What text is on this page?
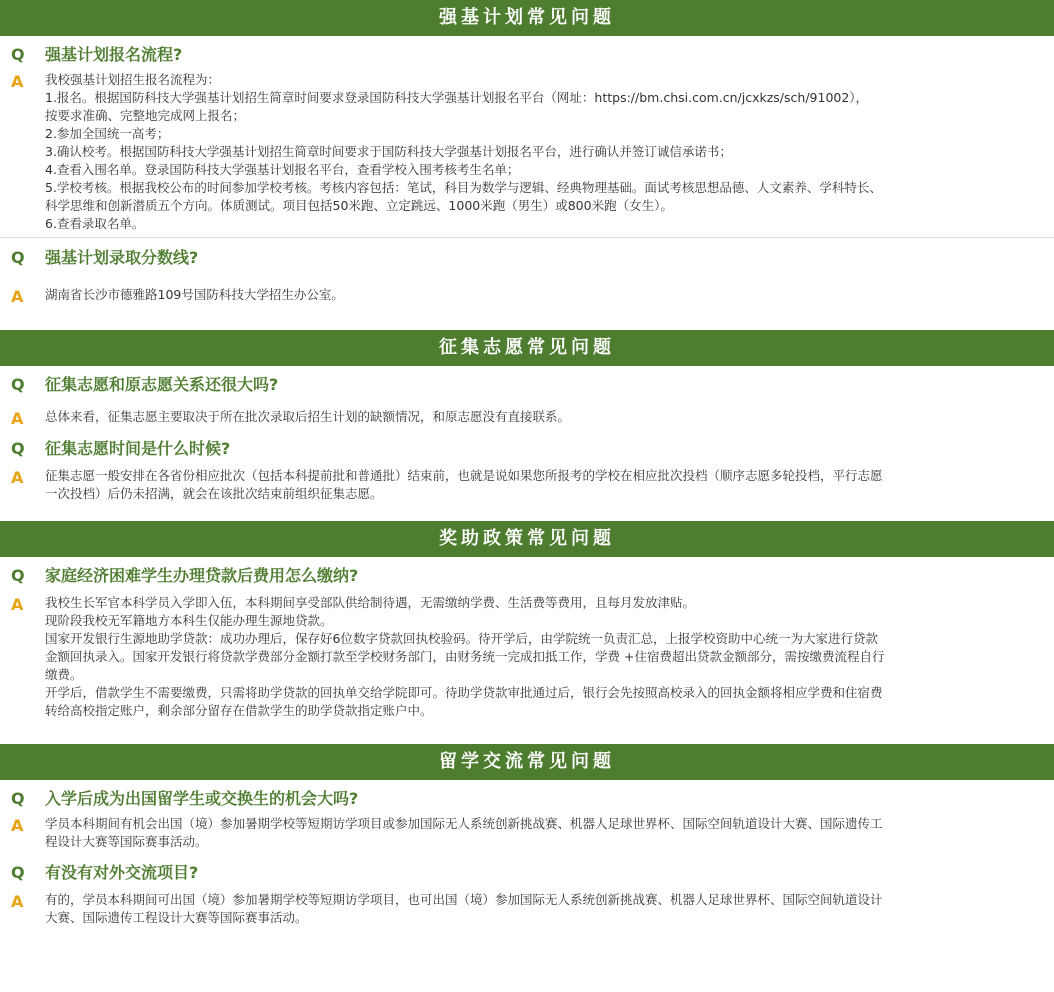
强基计划常见问题
Q 强基计划报名流程?
A 我校强基计划招生报名流程为：
1.报名。根据国防科技大学强基计划招生简章时间要求登录国防科技大学强基计划报名平台（网址：https://bm.chsi.com.cn/jcxkzs/sch/91002），
按要求准确、完整地完成网上报名；
2.参加全国统一高考；
3.确认校考。根据国防科技大学强基计划招生简章时间要求于国防科技大学强基计划报名平台，进行确认并签订诚信承诺书；
4.查看入围名单。登录国防科技大学强基计划报名平台，查看学校入围考核考生名单；
5.学校考核。根据我校公布的时间参加学校考核。考核内容包括：笔试，科目为数学与逻辑、经典物理基础。面试考核思想品德、人文素养、学科特长、
科学思维和创新潜质五个方向。体质测试。项目包括50米跑、立定跳远、1000米跑（男生）或800米跑（女生）。
6.查看录取名单。
Q 强基计划录取分数线?
A 湖南省长沙市德雅路109号国防科技大学招生办公室。
征集志愿常见问题
Q 征集志愿和原志愿关系还很大吗?
A 总体来看，征集志愿主要取决于所在批次录取后招生计划的缺额情况，和原志愿没有直接联系。
Q 征集志愿时间是什么时候?
A 征集志愿一般安排在各省份相应批次（包括本科提前批和普通批）结束前，也就是说如果您所报考的学校在相应批次投档（顺序志愿多轮投档，平行志愿
一次投档）后仍未招满，就会在该批次结束前组织征集志愿。
奖助政策常见问题
Q 家庭经济困难学生办理贷款后费用怎么缴纳?
A 我校生长军官本科学员入学即入伍，本科期间享受部队供给制待遇，无需缴纳学费、生活费等费用，且每月发放津贴。
现阶段我校无军籍地方本科生仅能办理生源地贷款。
国家开发银行生源地助学贷款：成功办理后，保存好6位数字贷款回执校验码。待开学后，由学院统一负责汇总，上报学校资助中心统一为大家进行贷款
金额回执录入。国家开发银行将贷款学费部分金额打款至学校财务部门，由财务统一完成扣抵工作，学费 +住宿费超出贷款金额部分，需按缴费流程自行
缴费。
开学后，借款学生不需要缴费，只需将助学贷款的回执单交给学院即可。待助学贷款审批通过后，银行会先按照高校录入的回执金额将相应学费和住宿费
转给高校指定账户，剩余部分留存在借款学生的助学贷款指定账户中。
留学交流常见问题
Q 入学后成为出国留学生或交换生的机会大吗?
A 学员本科期间有机会出国（境）参加暑期学校等短期访学项目或参加国际无人系统创新挑战赛、机器人足球世界杯、国际空间轨道设计大赛、国际遗传工
程设计大赛等国际赛事活动。
Q 有没有对外交流项目?
A 有的，学员本科期间可出国（境）参加暑期学校等短期访学项目，也可出国（境）参加国际无人系统创新挑战赛、机器人足球世界杯、国际空间轨道设计
大赛、国际遗传工程设计大赛等国际赛事活动。
